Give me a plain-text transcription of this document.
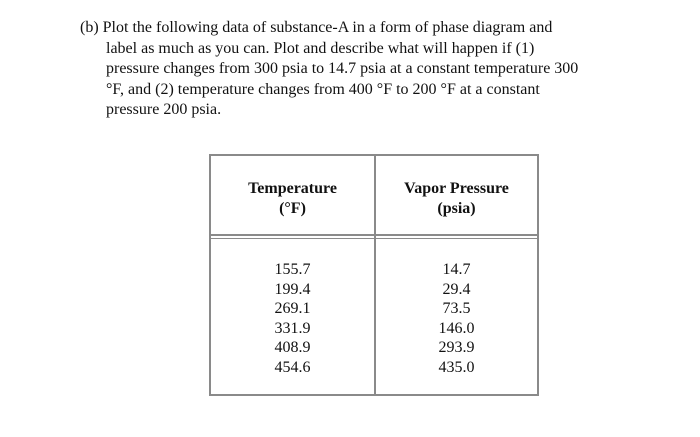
(b) Plot the following data of substance-A in a form of phase diagram and
label as much as you can. Plot and describe what will happen if (1)
pressure changes from 300 psia to 14.7 psia at a constant temperature 300
°F, and (2) temperature changes from 400 °F to 200 °F at a constant
pressure 200 psia.
Temperature
(°F)
155.7
199.4
269.1
331.9
408.9
454.6
Vapor Pressure
(psia)
14.7
29.4
73.5
146.0
293.9
435.0
